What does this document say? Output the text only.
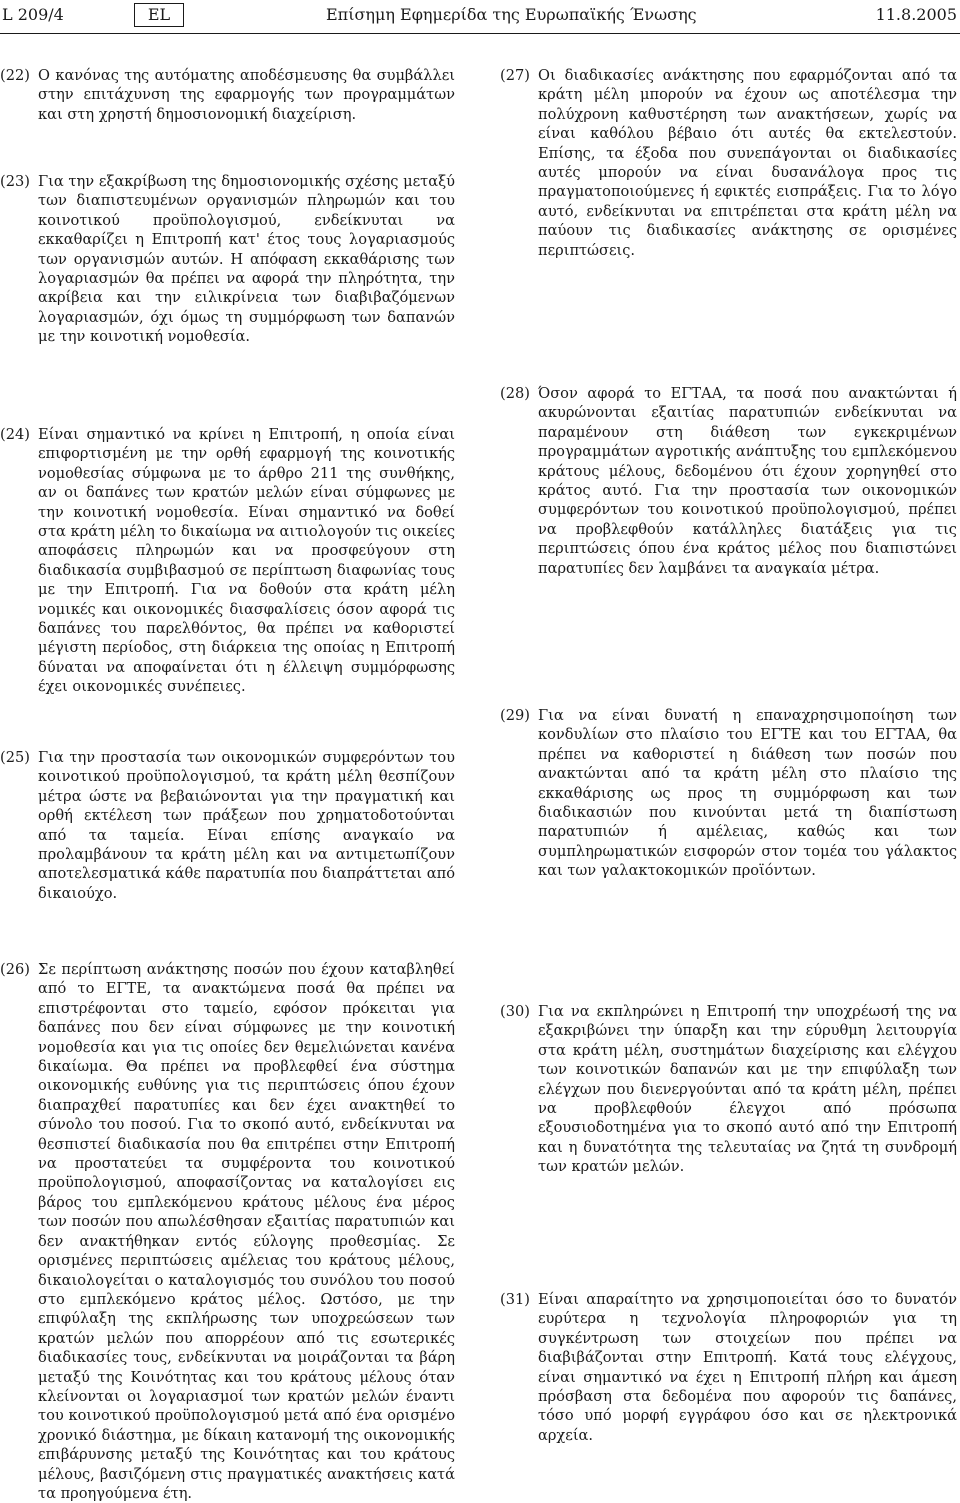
L 209/4	EL	Επίσημη Εφημερίδα της Ευρωπαϊκής Ένωσης	11.8.2005
(22) Ο κανόνας της αυτόματης αποδέσμευσης θα συμβάλλει στην επιτάχυνση της εφαρμογής των προγραμμάτων και στη χρηστή δημοσιονομική διαχείριση.
(23) Για την εξακρίβωση της δημοσιονομικής σχέσης μεταξύ των διαπιστευμένων οργανισμών πληρωμών και του κοινοτικού προϋπολογισμού, ενδείκνυται να εκκαθαρίζει η Επιτροπή κατ' έτος τους λογαριασμούς των οργανισμών αυτών. Η απόφαση εκκαθάρισης των λογαριασμών θα πρέπει να αφορά την πληρότητα, την ακρίβεια και την ειλικρίνεια των διαβιβαζόμενων λογαριασμών, όχι όμως τη συμμόρφωση των δαπανών με την κοινοτική νομοθεσία.
(24) Είναι σημαντικό να κρίνει η Επιτροπή, η οποία είναι επιφορτισμένη με την ορθή εφαρμογή της κοινοτικής νομοθεσίας σύμφωνα με το άρθρο 211 της συνθήκης, αν οι δαπάνες των κρατών μελών είναι σύμφωνες με την κοινοτική νομοθεσία. Είναι σημαντικό να δοθεί στα κράτη μέλη το δικαίωμα να αιτιολογούν τις οικείες αποφάσεις πληρωμών και να προσφεύγουν στη διαδικασία συμβιβασμού σε περίπτωση διαφωνίας τους με την Επιτροπή. Για να δοθούν στα κράτη μέλη νομικές και οικονομικές διασφαλίσεις όσον αφορά τις δαπάνες του παρελθόντος, θα πρέπει να καθοριστεί μέγιστη περίοδος, στη διάρκεια της οποίας η Επιτροπή δύναται να αποφαίνεται ότι η έλλειψη συμμόρφωσης έχει οικονομικές συνέπειες.
(25) Για την προστασία των οικονομικών συμφερόντων του κοινοτικού προϋπολογισμού, τα κράτη μέλη θεσπίζουν μέτρα ώστε να βεβαιώνονται για την πραγματική και ορθή εκτέλεση των πράξεων που χρηματοδοτούνται από τα ταμεία. Είναι επίσης αναγκαίο να προλαμβάνουν τα κράτη μέλη και να αντιμετωπίζουν αποτελεσματικά κάθε παρατυπία που διαπράττεται από δικαιούχο.
(26) Σε περίπτωση ανάκτησης ποσών που έχουν καταβληθεί από το ΕΓΤΕ, τα ανακτώμενα ποσά θα πρέπει να επιστρέφονται στο ταμείο, εφόσον πρόκειται για δαπάνες που δεν είναι σύμφωνες με την κοινοτική νομοθεσία και για τις οποίες δεν θεμελιώνεται κανένα δικαίωμα. Θα πρέπει να προβλεφθεί ένα σύστημα οικονομικής ευθύνης για τις περιπτώσεις όπου έχουν διαπραχθεί παρατυπίες και δεν έχει ανακτηθεί το σύνολο του ποσού. Για το σκοπό αυτό, ενδείκνυται να θεσπιστεί διαδικασία που θα επιτρέπει στην Επιτροπή να προστατεύει τα συμφέροντα του κοινοτικού προϋπολογισμού, αποφασίζοντας να καταλογίσει εις βάρος του εμπλεκόμενου κράτους μέλους ένα μέρος των ποσών που απωλέσθησαν εξαιτίας παρατυπιών και δεν ανακτήθηκαν εντός εύλογης προθεσμίας. Σε ορισμένες περιπτώσεις αμέλειας του κράτους μέλους, δικαιολογείται ο καταλογισμός του συνόλου του ποσού στο εμπλεκόμενο κράτος μέλος. Ωστόσο, με την επιφύλαξη της εκπλήρωσης των υποχρεώσεων των κρατών μελών που απορρέουν από τις εσωτερικές διαδικασίες τους, ενδείκνυται να μοιράζονται τα βάρη μεταξύ της Κοινότητας και του κράτους μέλους όταν κλείνονται οι λογαριασμοί των κρατών μελών έναντι του κοινοτικού προϋπολογισμού μετά από ένα ορισμένο χρονικό διάστημα, με δίκαιη κατανομή της οικονομικής επιβάρυνσης μεταξύ της Κοινότητας και του κράτους μέλους, βασιζόμενη στις πραγματικές ανακτήσεις κατά τα προηγούμενα έτη.
(27) Οι διαδικασίες ανάκτησης που εφαρμόζονται από τα κράτη μέλη μπορούν να έχουν ως αποτέλεσμα την πολύχρονη καθυστέρηση των ανακτήσεων, χωρίς να είναι καθόλου βέβαιο ότι αυτές θα εκτελεστούν. Επίσης, τα έξοδα που συνεπάγονται οι διαδικασίες αυτές μπορούν να είναι δυσανάλογα προς τις πραγματοποιούμενες ή εφικτές εισπράξεις. Για το λόγο αυτό, ενδείκνυται να επιτρέπεται στα κράτη μέλη να παύουν τις διαδικασίες ανάκτησης σε ορισμένες περιπτώσεις.
(28) Όσον αφορά το ΕΓΤΑΑ, τα ποσά που ανακτώνται ή ακυρώνονται εξαιτίας παρατυπιών ενδείκνυται να παραμένουν στη διάθεση των εγκεκριμένων προγραμμάτων αγροτικής ανάπτυξης του εμπλεκόμενου κράτους μέλους, δεδομένου ότι έχουν χορηγηθεί στο κράτος αυτό. Για την προστασία των οικονομικών συμφερόντων του κοινοτικού προϋπολογισμού, πρέπει να προβλεφθούν κατάλληλες διατάξεις για τις περιπτώσεις όπου ένα κράτος μέλος που διαπιστώνει παρατυπίες δεν λαμβάνει τα αναγκαία μέτρα.
(29) Για να είναι δυνατή η επαναχρησιμοποίηση των κονδυλίων στο πλαίσιο του ΕΓΤΕ και του ΕΓΤΑΑ, θα πρέπει να καθοριστεί η διάθεση των ποσών που ανακτώνται από τα κράτη μέλη στο πλαίσιο της εκκαθάρισης ως προς τη συμμόρφωση και των διαδικασιών που κινούνται μετά τη διαπίστωση παρατυπιών ή αμέλειας, καθώς και των συμπληρωματικών εισφορών στον τομέα του γάλακτος και των γαλακτοκομικών προϊόντων.
(30) Για να εκπληρώνει η Επιτροπή την υποχρέωσή της να εξακριβώνει την ύπαρξη και την εύρυθμη λειτουργία στα κράτη μέλη, συστημάτων διαχείρισης και ελέγχου των κοινοτικών δαπανών και με την επιφύλαξη των ελέγχων που διενεργούνται από τα κράτη μέλη, πρέπει να προβλεφθούν έλεγχοι από πρόσωπα εξουσιοδοτημένα για το σκοπό αυτό από την Επιτροπή και η δυνατότητα της τελευταίας να ζητά τη συνδρομή των κρατών μελών.
(31) Είναι απαραίτητο να χρησιμοποιείται όσο το δυνατόν ευρύτερα η τεχνολογία πληροφοριών για τη συγκέντρωση των στοιχείων που πρέπει να διαβιβάζονται στην Επιτροπή. Κατά τους ελέγχους, είναι σημαντικό να έχει η Επιτροπή πλήρη και άμεση πρόσβαση στα δεδομένα που αφορούν τις δαπάνες, τόσο υπό μορφή εγγράφου όσο και σε ηλεκτρονικά αρχεία.
